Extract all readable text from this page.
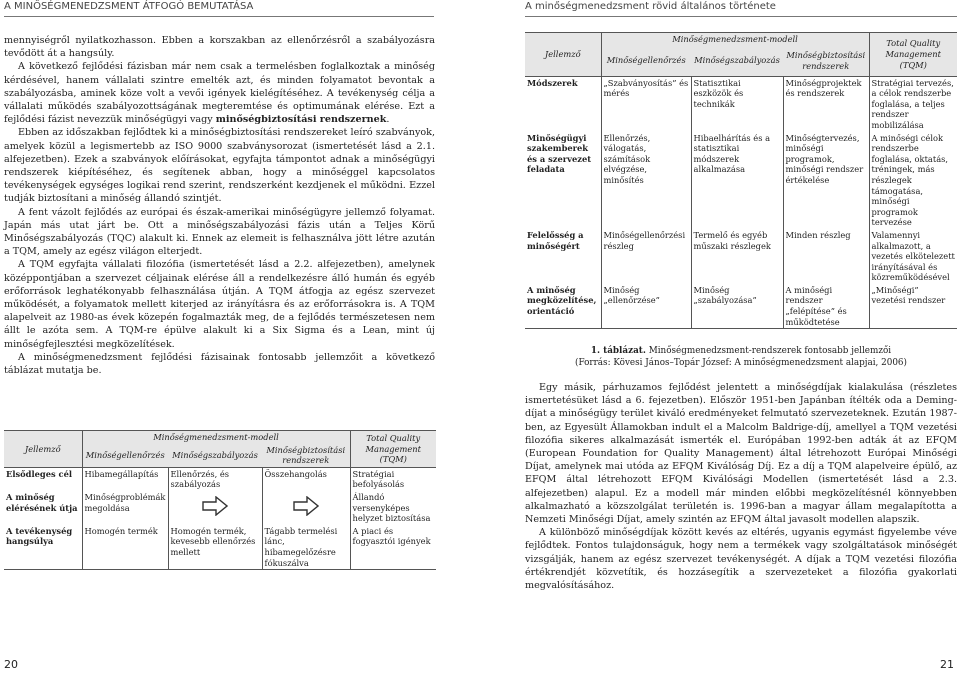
A MINŐSÉGMENEDZSMENT ÁTFOGÓ BEMUTATÁSA	A minőségmenedzsment rövid általános története

mennyiségről nyilatkozhasson. Ebben a korszakban az ellenőrzésről a szabályozásra tevődött át a hangsúly.

A következő fejlődési fázisban már nem csak a termelésben foglalkoztak a minőség kérdésével, hanem vállalati szintre emelték azt, és minden folyamatot bevontak a szabályozásba, aminek köze volt a vevői igények kielégítéséhez. A tevékenység célja a vállalati működés szabályozottságának megteremtése és optimumának elérése. Ezt a fejlődési fázist nevezzük minőségügyi vagy minőségbiztosítási rendszernek.

Ebben az időszakban fejlődtek ki a minőségbiztosítási rendszereket leíró szabványok, amelyek közül a legismertebb az ISO 9000 szabványsorozat (ismertetését lásd a 2.1. alfejezetben). Ezek a szabványok előírásokat, egyfajta támpontot adnak a minőségügyi rendszerek kiépítéséhez, és segítenek abban, hogy a minőséggel kapcsolatos tevékenységek egységes logikai rend szerint, rendszerként kezdjenek el működni. Ezzel tudják biztosítani a minőség állandó szintjét.

A fent vázolt fejlődés az európai és észak-amerikai minőségügyre jellemző folyamat. Japán más utat járt be. Ott a minőségszabályozási fázis után a Teljes Körű Minőségszabályozás (TQC) alakult ki. Ennek az elemeit is felhasználva jött létre azután a TQM, amely az egész világon elterjedt.

A TQM egyfajta vállalati filozófia (ismertetését lásd a 2.2. alfejezetben), amelynek középpontjában a szervezet céljainak elérése áll a rendelkezésre álló humán és egyéb erőforrások leghatékonyabb felhasználása útján. A TQM átfogja az egész szervezet működését, a folyamatok mellett kiterjed az irányításra és az erőforrásokra is. A TQM alapelveit az 1980-as évek közepén fogalmazták meg, de a fejlődés természetesen nem állt le azóta sem. A TQM-re épülve alakult ki a Six Sigma és a Lean, mint új minőségfejlesztési megközelítések.

A minőségmenedzsment fejlődési fázisainak fontosabb jellemzőit a következő táblázat mutatja be.

Jellemző	Minőségmenedzsment-modell			Total Quality Management (TQM)
	Minőségellenőrzés	Minőségszabályozás	Minőségbiztosítási rendszerek	
Elsődleges cél	Hibamegállapítás	Ellenőrzés, és szabályozás	Összehangolás	Stratégiai befolyásolás
A minőség elérésének útja	Minőségproblémák megoldása			Állandó versenyképes helyzet biztosítása
A tevékenység hangsúlya	Homogén termék	Homogén termék, kevesebb ellenőrzés mellett	Tágabb termelési lánc, hibamegelőzésre fókuszálva	A piaci és fogyasztói igények
Jellemző	Minőségmenedzsment-modell			Total Quality Management (TQM)
	Minőségellenőrzés	Minőségszabályozás	Minőségbiztosítási rendszerek	
Módszerek	„Szabványosítás” és mérés	Statisztikai eszközök és technikák	Minőségprojektek és rendszerek	Stratégiai tervezés, a célok rendszerbe foglalása, a teljes rendszer mobilizálása
Minőségügyi szakemberek és a szervezet feladata	Ellenőrzés, válogatás, számítások elvégzése, minősítés	Hibaelhárítás és a statisztikai módszerek alkalmazása	Minőségtervezés, minőségi programok, minőségi rendszer értékelése	A minőségi célok rendszerbe foglalása, oktatás, tréningek, más részlegek támogatása, minőségi programok tervezése
Felelősség a minőségért	Minőségellenőrzési részleg	Termelő és egyéb műszaki részlegek	Minden részleg	Valamennyi alkalmazott, a vezetés elkötelezett irányításával és közreműködésével
A minőség megközelítése, orientáció	Minőség „ellenőrzése”	Minőség „szabályozása”	A minőségi rendszer „felépítése” és működtetése	„Minőségi” vezetési rendszer
1. táblázat. Minőségmenedzsment-rendszerek fontosabb jellemzői
(Forrás: Kövesi János–Topár József: A minőségmenedzsment alapjai, 2006)

Egy másik, párhuzamos fejlődést jelentett a minőségdíjak kialakulása (részletes ismertetésüket lásd a 6. fejezetben). Először 1951-ben Japánban ítélték oda a Deming-díjat a minőségügy terület kiváló eredményeket felmutató szervezeteknek. Ezután 1987-ben, az Egyesült Államokban indult el a Malcolm Baldrige-díj, amellyel a TQM vezetési filozófia sikeres alkalmazását ismerték el. Európában 1992-ben adták át az EFQM (European Foundation for Quality Management) által létrehozott Európai Minőségi Díjat, amelynek mai utóda az EFQM Kiválóság Díj. Ez a díj a TQM alapelveire épülő, az EFQM által létrehozott EFQM Kiválósági Modellen (ismertetését lásd a 2.3. alfejezetben) alapul. Ez a modell már minden előbbi megközelítésnél könnyebben alkalmazható a közszolgálat területén is. 1996-ban a magyar állam megalapította a Nemzeti Minőségi Díjat, amely szintén az EFQM által javasolt modellen alapszik.

A különböző minőségdíjak között kevés az eltérés, ugyanis egymást figyelembe véve fejlődtek. Fontos tulajdonságuk, hogy nem a termékek vagy szolgáltatások minőségét vizsgálják, hanem az egész szervezet tevékenységét. A díjak a TQM vezetési filozófia értékrendjét közvetítik, és hozzásegítik a szervezeteket a filozófia gyakorlati megvalósításához.

20	21
